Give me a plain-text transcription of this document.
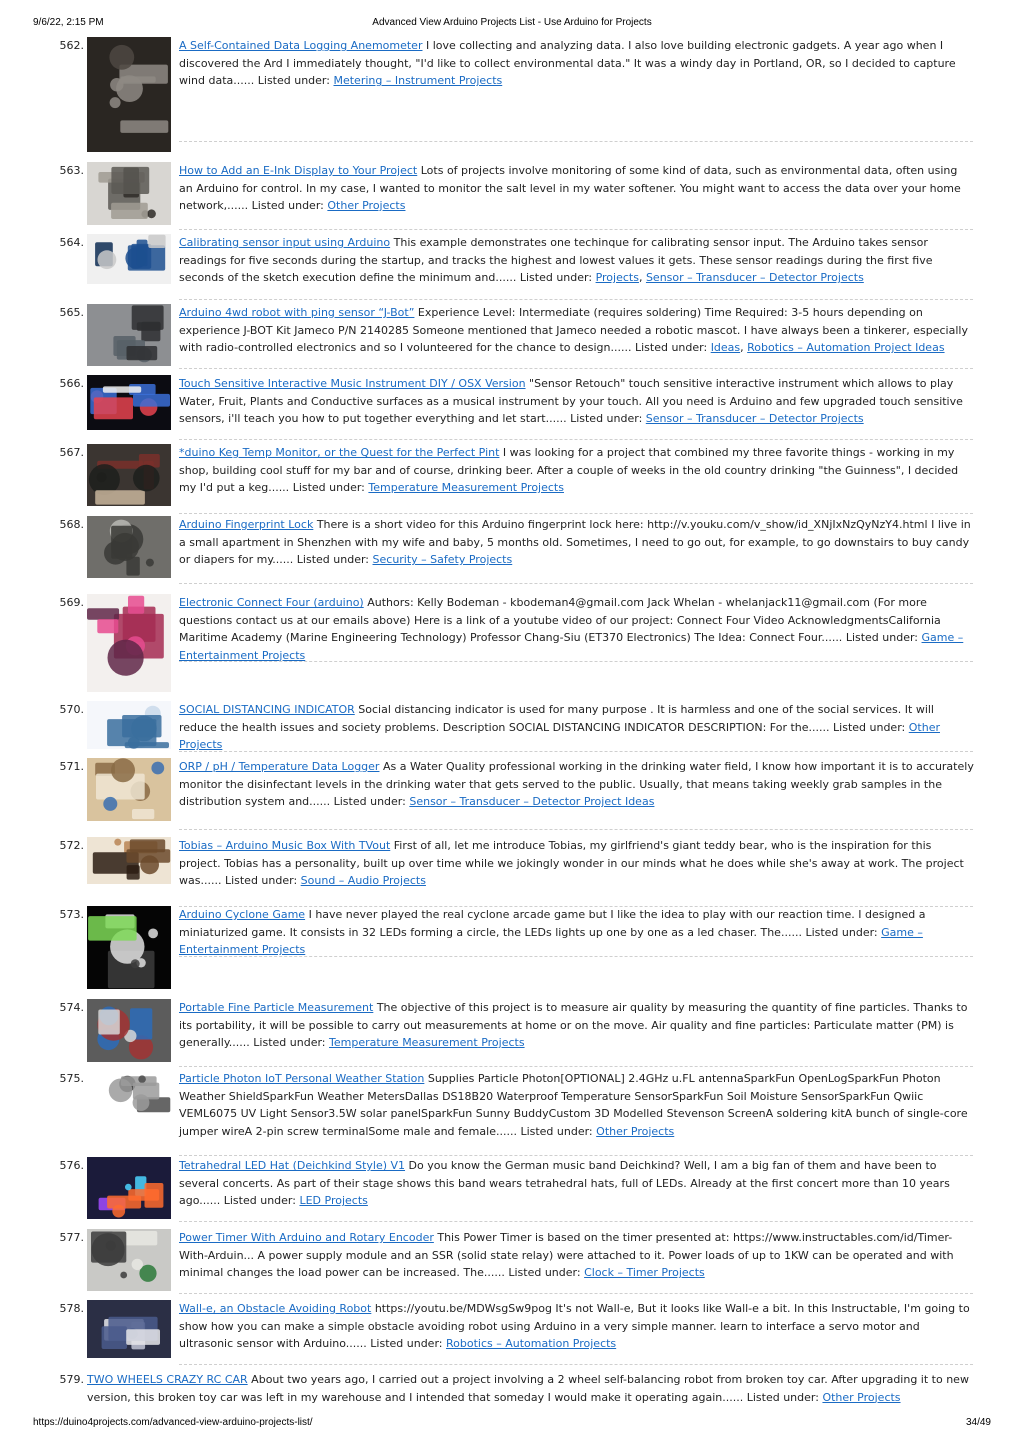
9/6/22, 2:15 PM	Advanced View Arduino Projects List - Use Arduino for Projects
562.	A Self-Contained Data Logging Anemometer I love collecting and analyzing data. I also love building electronic gadgets. A year ago when I discovered the Ard I immediately thought, "I'd like to collect environmental data." It was a windy day in Portland, OR, so I decided to capture wind data...... Listed under: Metering – Instrument Projects
563.	How to Add an E-Ink Display to Your Project Lots of projects involve monitoring of some kind of data, such as environmental data, often using an Arduino for control. In my case, I wanted to monitor the salt level in my water softener. You might want to access the data over your home network,...... Listed under: Other Projects
564.	Calibrating sensor input using Arduino This example demonstrates one techinque for calibrating sensor input. The Arduino takes sensor readings for five seconds during the startup, and tracks the highest and lowest values it gets. These sensor readings during the first five seconds of the sketch execution define the minimum and...... Listed under: Projects, Sensor – Transducer – Detector Projects
565.	Arduino 4wd robot with ping sensor “J-Bot” Experience Level: Intermediate (requires soldering) Time Required: 3-5 hours depending on experience J-BOT Kit Jameco P/N 2140285 Someone mentioned that Jameco needed a robotic mascot. I have always been a tinkerer, especially with radio-controlled electronics and so I volunteered for the chance to design...... Listed under: Ideas, Robotics – Automation Project Ideas
566.	Touch Sensitive Interactive Music Instrument DIY / OSX Version "Sensor Retouch" touch sensitive interactive instrument which allows to play Water, Fruit, Plants and Conductive surfaces as a musical instrument by your touch. All you need is Arduino and few upgraded touch sensitive sensors, i'll teach you how to put together everything and let start...... Listed under: Sensor – Transducer – Detector Projects
567.	*duino Keg Temp Monitor, or the Quest for the Perfect Pint I was looking for a project that combined my three favorite things - working in my shop, building cool stuff for my bar and of course, drinking beer. After a couple of weeks in the old country drinking "the Guinness", I decided my I'd put a keg...... Listed under: Temperature Measurement Projects
568.	Arduino Fingerprint Lock There is a short video for this Arduino fingerprint lock here: http://v.youku.com/v_show/id_XNjIxNzQyNzY4.html I live in a small apartment in Shenzhen with my wife and baby, 5 months old. Sometimes, I need to go out, for example, to go downstairs to buy candy or diapers for my...... Listed under: Security – Safety Projects
569.	Electronic Connect Four (arduino) Authors: Kelly Bodeman - kbodeman4@gmail.com Jack Whelan - whelanjack11@gmail.com (For more questions contact us at our emails above) Here is a link of a youtube video of our project: Connect Four Video AcknowledgmentsCalifornia Maritime Academy (Marine Engineering Technology) Professor Chang-Siu (ET370 Electronics) The Idea: Connect Four...... Listed under: Game – Entertainment Projects
570.	SOCIAL DISTANCING INDICATOR Social distancing indicator is used for many purpose . It is harmless and one of the social services. It will reduce the health issues and society problems. Description SOCIAL DISTANCING INDICATOR DESCRIPTION: For the...... Listed under: Other Projects
571.	ORP / pH / Temperature Data Logger As a Water Quality professional working in the drinking water field, I know how important it is to accurately monitor the disinfectant levels in the drinking water that gets served to the public. Usually, that means taking weekly grab samples in the distribution system and...... Listed under: Sensor – Transducer – Detector Project Ideas
572.	Tobias – Arduino Music Box With TVout First of all, let me introduce Tobias, my girlfriend's giant teddy bear, who is the inspiration for this project. Tobias has a personality, built up over time while we jokingly wonder in our minds what he does while she's away at work. The project was...... Listed under: Sound – Audio Projects
573.	Arduino Cyclone Game I have never played the real cyclone arcade game but I like the idea to play with our reaction time. I designed a miniaturized game. It consists in 32 LEDs forming a circle, the LEDs lights up one by one as a led chaser. The...... Listed under: Game – Entertainment Projects
574.	Portable Fine Particle Measurement The objective of this project is to measure air quality by measuring the quantity of fine particles. Thanks to its portability, it will be possible to carry out measurements at home or on the move. Air quality and fine particles: Particulate matter (PM) is generally...... Listed under: Temperature Measurement Projects
575.	Particle Photon IoT Personal Weather Station Supplies Particle Photon[OPTIONAL] 2.4GHz u.FL antennaSparkFun OpenLogSparkFun Photon Weather ShieldSparkFun Weather MetersDallas DS18B20 Waterproof Temperature SensorSparkFun Soil Moisture SensorSparkFun Qwiic VEML6075 UV Light Sensor3.5W solar panelSparkFun Sunny BuddyCustom 3D Modelled Stevenson ScreenA soldering kitA bunch of single-core jumper wireA 2-pin screw terminalSome male and female...... Listed under: Other Projects
576.	Tetrahedral LED Hat (Deichkind Style) V1 Do you know the German music band Deichkind? Well, I am a big fan of them and have been to several concerts. As part of their stage shows this band wears tetrahedral hats, full of LEDs. Already at the first concert more than 10 years ago...... Listed under: LED Projects
577.	Power Timer With Arduino and Rotary Encoder This Power Timer is based on the timer presented at: https://www.instructables.com/id/Timer-With-Arduin... A power supply module and an SSR (solid state relay) were attached to it. Power loads of up to 1KW can be operated and with minimal changes the load power can be increased. The...... Listed under: Clock – Timer Projects
578.	Wall-e, an Obstacle Avoiding Robot https://youtu.be/MDWsgSw9pog It's not Wall-e, But it looks like Wall-e a bit. In this Instructable, I'm going to show how you can make a simple obstacle avoiding robot using Arduino in a very simple manner. learn to interface a servo motor and ultrasonic sensor with Arduino...... Listed under: Robotics – Automation Projects
579. TWO WHEELS CRAZY RC CAR About two years ago, I carried out a project involving a 2 wheel self-balancing robot from broken toy car. After upgrading it to new version, this broken toy car was left in my warehouse and I intended that someday I would make it operating again...... Listed under: Other Projects
https://duino4projects.com/advanced-view-arduino-projects-list/	34/49
